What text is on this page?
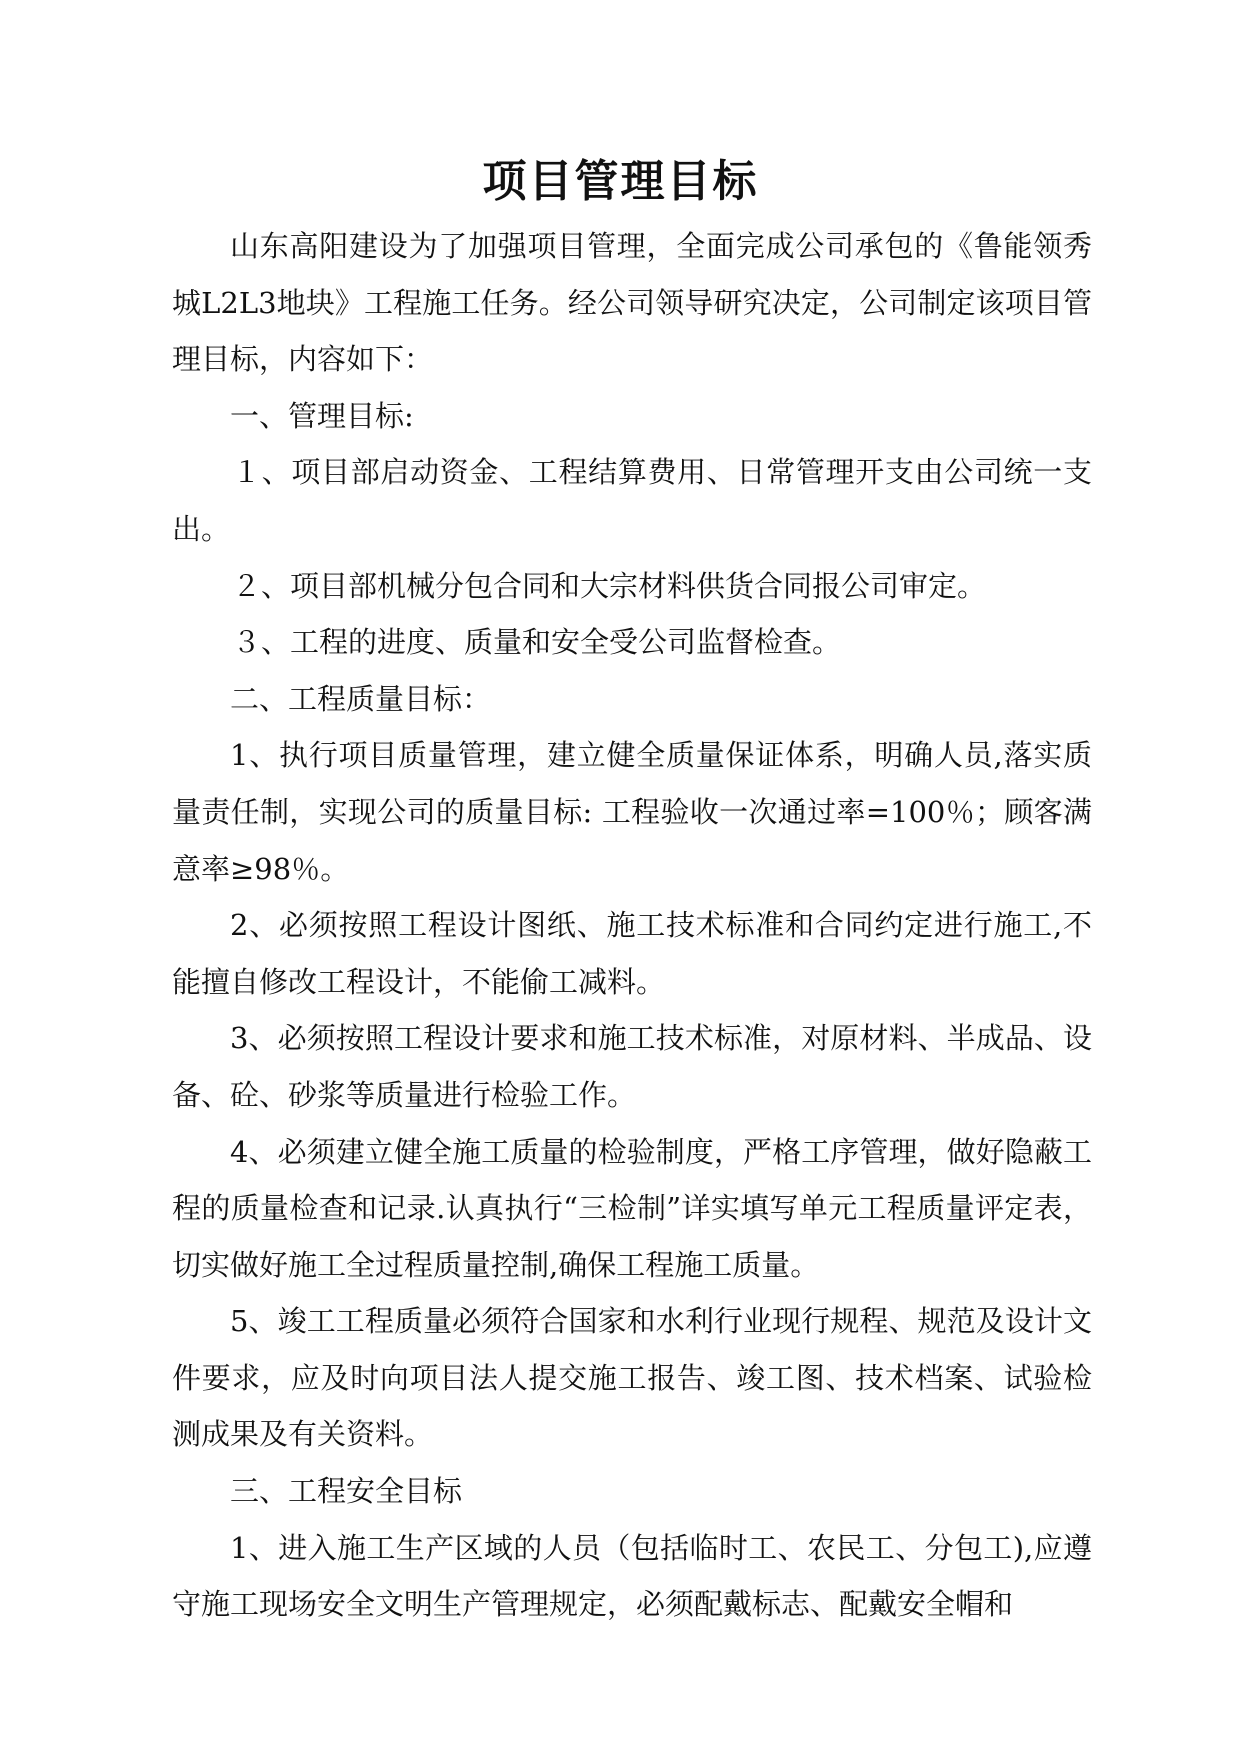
项目管理目标

山东高阳建设为了加强项目管理，全面完成公司承包的《鲁能领秀城L2L3地块》工程施工任务。经公司领导研究决定，公司制定该项目管理目标，内容如下：

一、管理目标:

１、项目部启动资金、工程结算费用、日常管理开支由公司统一支出。

２、项目部机械分包合同和大宗材料供货合同报公司审定。

３、工程的进度、质量和安全受公司监督检查。

二、工程质量目标：

1、执行项目质量管理，建立健全质量保证体系，明确人员,落实质量责任制，实现公司的质量目标: 工程验收一次通过率=100％；顾客满意率≥98％。

2、必须按照工程设计图纸、施工技术标准和合同约定进行施工,不能擅自修改工程设计，不能偷工减料。

3、必须按照工程设计要求和施工技术标准，对原材料、半成品、设备、砼、砂浆等质量进行检验工作。

4、必须建立健全施工质量的检验制度，严格工序管理，做好隐蔽工程的质量检查和记录.认真执行“三检制”详实填写单元工程质量评定表，切实做好施工全过程质量控制,确保工程施工质量。

5、竣工工程质量必须符合国家和水利行业现行规程、规范及设计文件要求，应及时向项目法人提交施工报告、竣工图、技术档案、试验检测成果及有关资料。

三、工程安全目标

1、进入施工生产区域的人员（包括临时工、农民工、分包工),应遵守施工现场安全文明生产管理规定，必须配戴标志、配戴安全帽和
